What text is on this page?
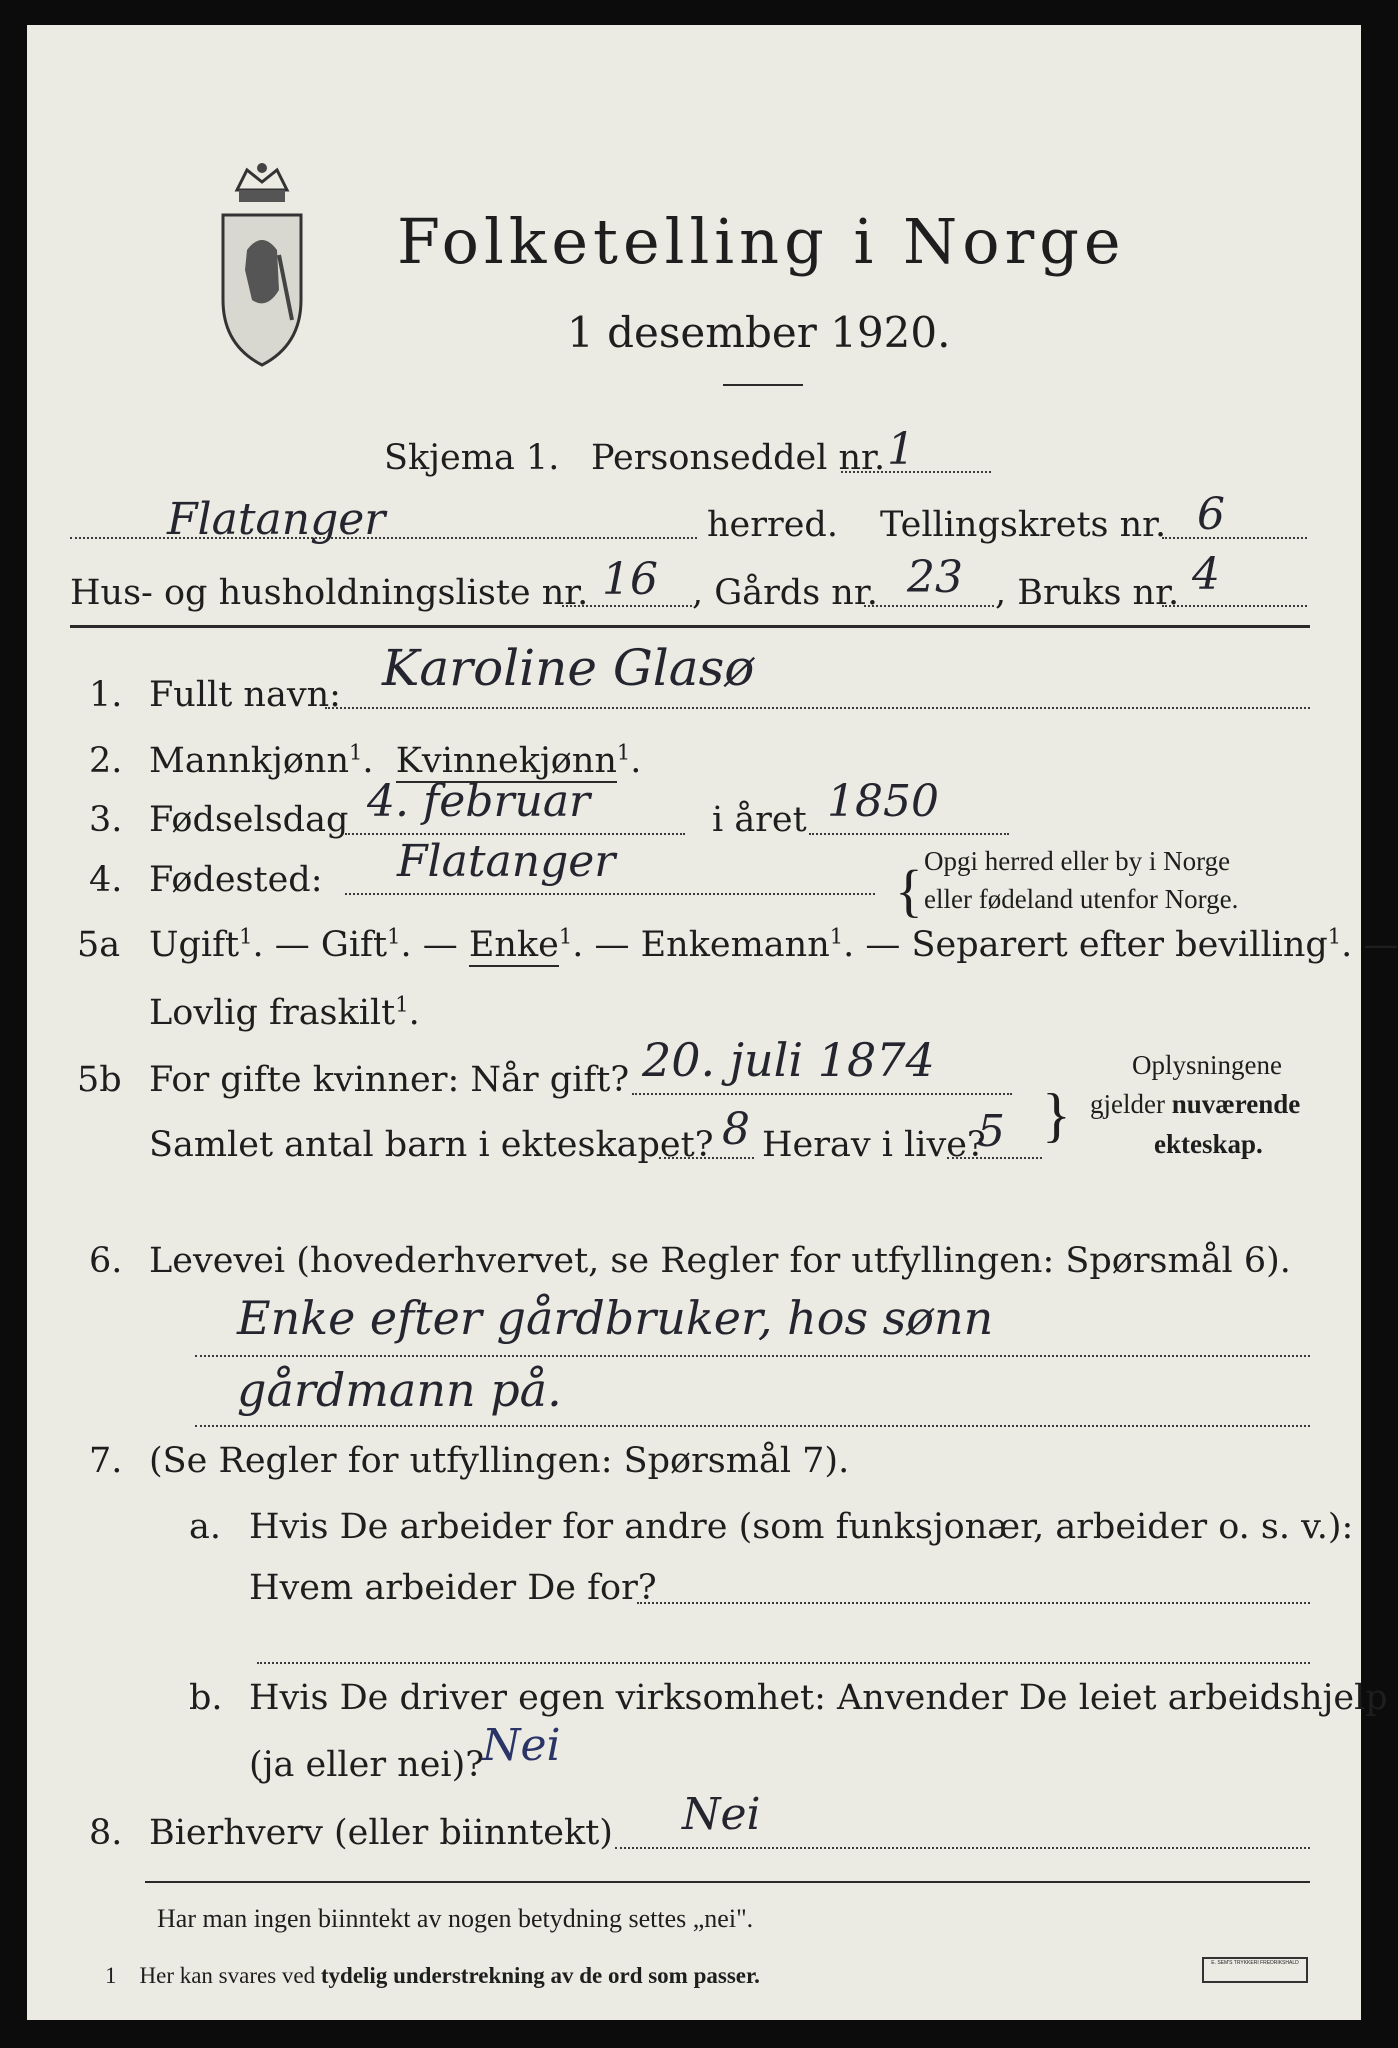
Folketelling i Norge
1 desember 1920.
Skjema 1. Personseddel nr. 1
Flatanger	herred. Tellingskrets nr. 6
Hus- og husholdningsliste nr. 16 , Gårds nr. 23 , Bruks nr. 4
1. Fullt navn: Karoline Glasø
2. Mannkjønn$^1$.  Kvinnekjønn$^1$.
3. Fødselsdag 4. februar	i året 1850
4. Fødested: Flatanger	{ Opgi herred eller by i Norge
eller fødeland utenfor Norge.
5a Ugift$^1$. — Gift$^1$. — Enke$^1$. — Enkemann$^1$. — Separert efter bevilling$^1$. —
Lovlig fraskilt$^1$.
5b For gifte kvinner: Når gift? 20. juli 1874
Samlet antal barn i ekteskapet? 8 Herav i live?
5 }
Oplysningene
gjelder nuværende
ekteskap.
6. Levevei (hovederhvervet, se Regler for utfyllingen: Spørsmål 6).
Enke efter gårdbruker, hos sønn
gårdmann på.
7. (Se Regler for utfyllingen: Spørsmål 7).
a. Hvis De arbeider for andre (som funksjonær, arbeider o. s. v.):
Hvem arbeider De for?
b. Hvis De driver egen virksomhet: Anvender De leiet arbeidshjelp
(ja eller nei)?
Nei
8. Bierhverv (eller biinntekt) Nei
Har man ingen biinntekt av nogen betydning settes „nei".
1 Her kan svares ved tydelig understrekning av de ord som passer.	E. SEM'S TRYKKERI FREDRIKSHALD
